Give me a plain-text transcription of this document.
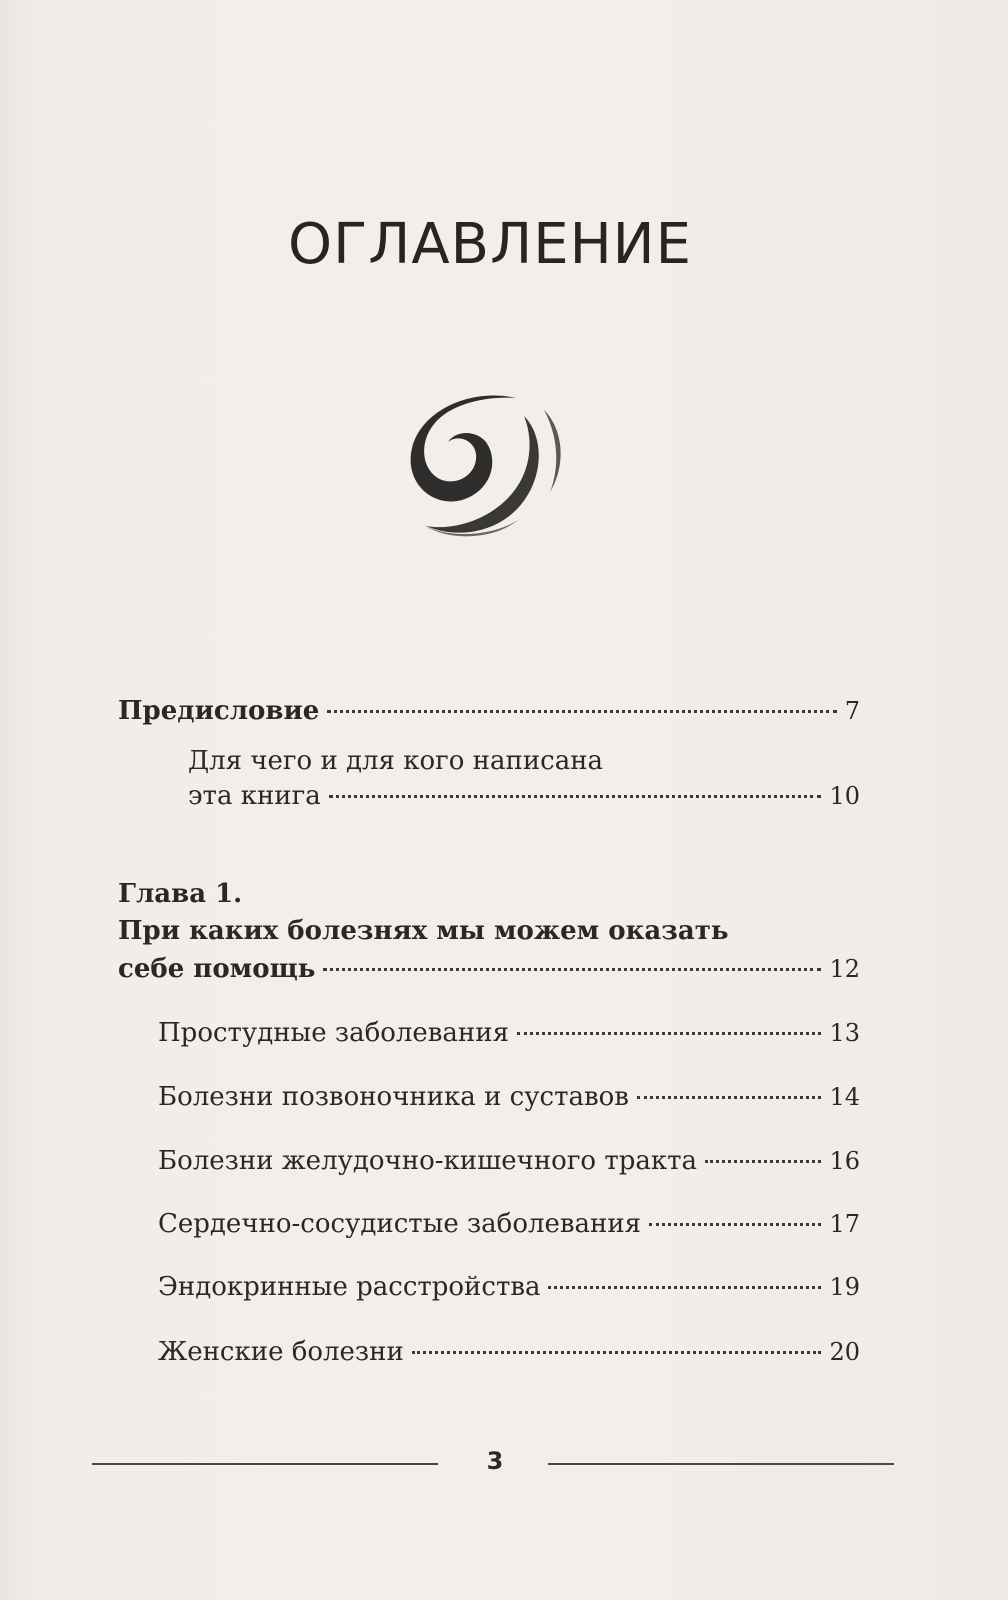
ОГЛАВЛЕНИЕ
Предисловие	7
Для чего и для кого написана
эта книга	10
Глава 1.
При каких болезнях мы можем оказать
себе помощь	12
Простудные заболевания	13
Болезни позвоночника и суставов	14
Болезни желудочно-кишечного тракта	16
Сердечно-сосудистые заболевания	17
Эндокринные расстройства	19
Женские болезни	20
3
